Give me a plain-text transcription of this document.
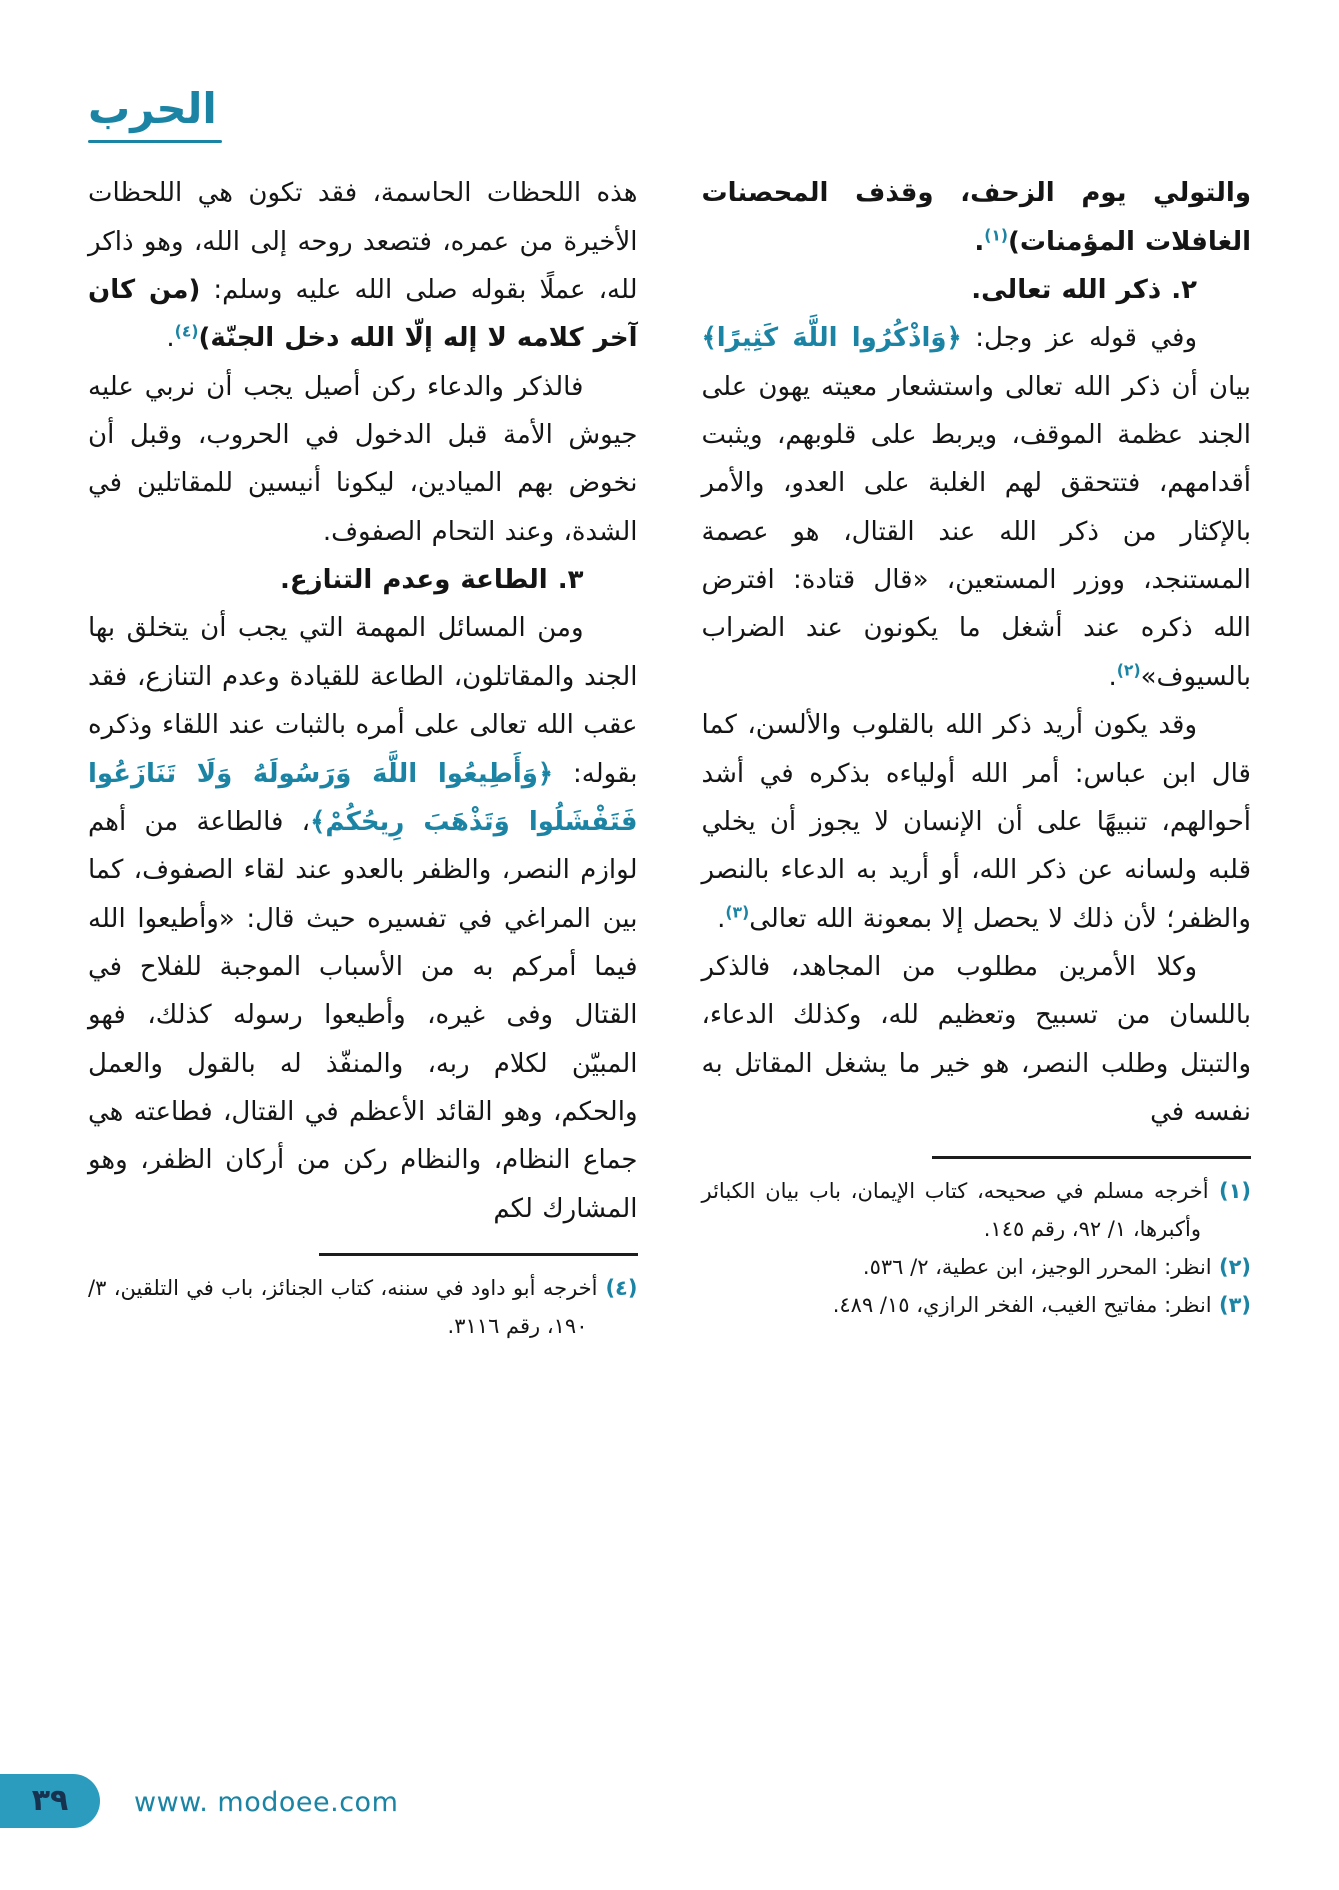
الحرب

والتولي يوم الزحف، وقذف المحصنات الغافلات المؤمنات)$^{(١)}$.

٢. ذكر الله تعالى.

وفي قوله عز وجل: ﴿وَاذْكُرُوا اللَّهَ كَثِيرًا﴾ بيان أن ذكر الله تعالى واستشعار معيته يهون على الجند عظمة الموقف، ويربط على قلوبهم، ويثبت أقدامهم، فتتحقق لهم الغلبة على العدو، والأمر بالإكثار من ذكر الله عند القتال، هو عصمة المستنجد، ووزر المستعين، «قال قتادة: افترض الله ذكره عند أشغل ما يكونون عند الضراب بالسيوف»$^{(٢)}$.

وقد يكون أريد ذكر الله بالقلوب والألسن، كما قال ابن عباس: أمر الله أولياءه بذكره في أشد أحوالهم، تنبيهًا على أن الإنسان لا يجوز أن يخلي قلبه ولسانه عن ذكر الله، أو أريد به الدعاء بالنصر والظفر؛ لأن ذلك لا يحصل إلا بمعونة الله تعالى$^{(٣)}$.

وكلا الأمرين مطلوب من المجاهد، فالذكر باللسان من تسبيح وتعظيم لله، وكذلك الدعاء، والتبتل وطلب النصر، هو خير ما يشغل المقاتل به نفسه في

(١) أخرجه مسلم في صحيحه، كتاب الإيمان، باب بيان الكبائر وأكبرها، ١/ ٩٢، رقم ١٤٥.
(٢) انظر: المحرر الوجيز، ابن عطية، ٢/ ٥٣٦.
(٣) انظر: مفاتيح الغيب، الفخر الرازي، ١٥/ ٤٨٩.

هذه اللحظات الحاسمة، فقد تكون هي اللحظات الأخيرة من عمره، فتصعد روحه إلى الله، وهو ذاكر لله، عملًا بقوله صلى الله عليه وسلم: (من كان آخر كلامه لا إله إلّا الله دخل الجنّة)$^{(٤)}$.

فالذكر والدعاء ركن أصيل يجب أن نربي عليه جيوش الأمة قبل الدخول في الحروب، وقبل أن نخوض بهم الميادين، ليكونا أنيسين للمقاتلين في الشدة، وعند التحام الصفوف.

٣. الطاعة وعدم التنازع.

ومن المسائل المهمة التي يجب أن يتخلق بها الجند والمقاتلون، الطاعة للقيادة وعدم التنازع، فقد عقب الله تعالى على أمره بالثبات عند اللقاء وذكره بقوله: ﴿وَأَطِيعُوا اللَّهَ وَرَسُولَهُ وَلَا تَنَازَعُوا فَتَفْشَلُوا وَتَذْهَبَ رِيحُكُمْ﴾، فالطاعة من أهم لوازم النصر، والظفر بالعدو عند لقاء الصفوف، كما بين المراغي في تفسيره حيث قال: «وأطيعوا الله فيما أمركم به من الأسباب الموجبة للفلاح في القتال وفى غيره، وأطيعوا رسوله كذلك، فهو المبيّن لكلام ربه، والمنفّذ له بالقول والعمل والحكم، وهو القائد الأعظم في القتال، فطاعته هي جماع النظام، والنظام ركن من أركان الظفر، وهو المشارك لكم

(٤) أخرجه أبو داود في سننه، كتاب الجنائز، باب في التلقين، ٣/ ١٩٠، رقم ٣١١٦.
٣٩ www. modoee.com
